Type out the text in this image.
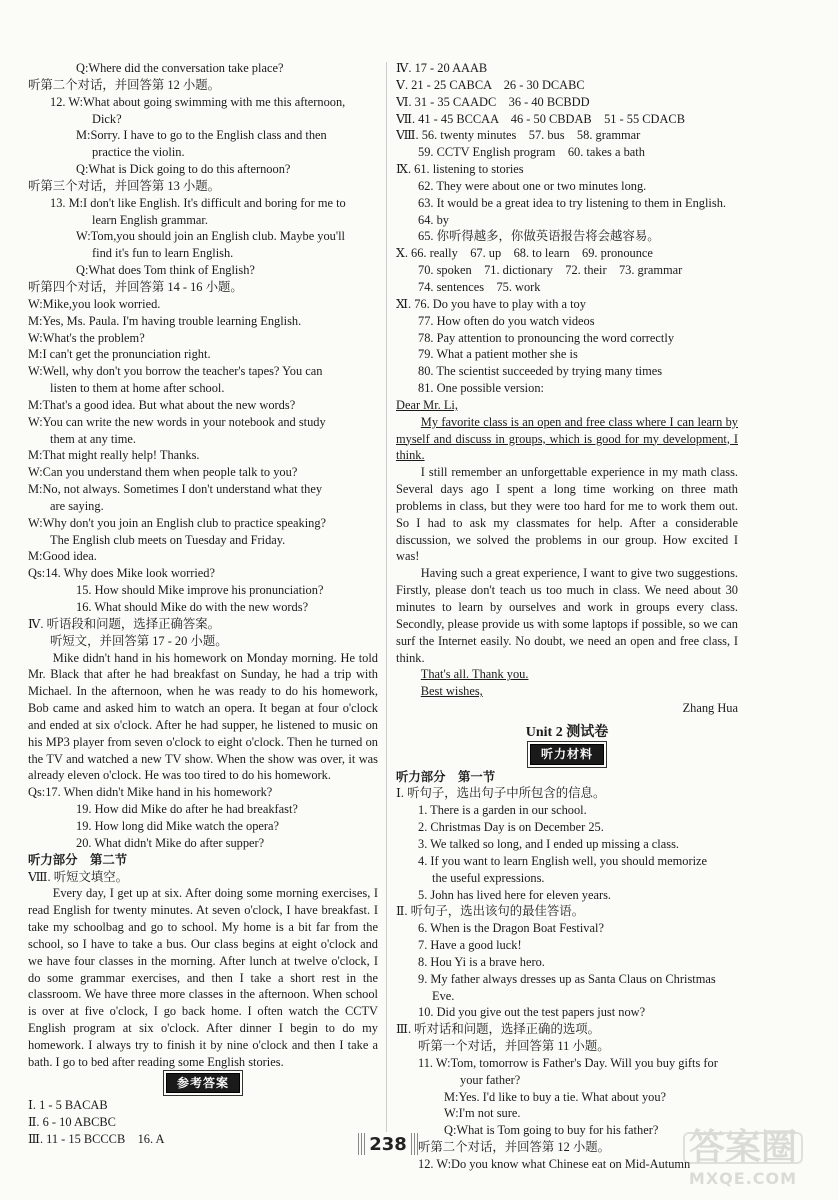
Q:Where did the conversation take place?
听第二个对话，并回答第 12 小题。
12. W:What about going swimming with me this afternoon,
Dick?
M:Sorry. I have to go to the English class and then
practice the violin.
Q:What is Dick going to do this afternoon?
听第三个对话，并回答第 13 小题。
13. M:I don't like English. It's difficult and boring for me to
learn English grammar.
W:Tom,you should join an English club. Maybe you'll
find it's fun to learn English.
Q:What does Tom think of English?
听第四个对话，并回答第 14 - 16 小题。
W:Mike,you look worried.
M:Yes, Ms. Paula. I'm having trouble learning English.
W:What's the problem?
M:I can't get the pronunciation right.
W:Well, why don't you borrow the teacher's tapes? You can
listen to them at home after school.
M:That's a good idea. But what about the new words?
W:You can write the new words in your notebook and study
them at any time.
M:That might really help! Thanks.
W:Can you understand them when people talk to you?
M:No, not always. Sometimes I don't understand what they
are saying.
W:Why don't you join an English club to practice speaking?
The English club meets on Tuesday and Friday.
M:Good idea.
Qs:14. Why does Mike look worried?
15. How should Mike improve his pronunciation?
16. What should Mike do with the new words?
Ⅳ. 听语段和问题，选择正确答案。
听短文，并回答第 17 - 20 小题。
Mike didn't hand in his homework on Monday morning. He told Mr. Black that after he had breakfast on Sunday, he had a trip with Michael. In the afternoon, when he was ready to do his homework, Bob came and asked him to watch an opera. It began at four o'clock and ended at six o'clock. After he had supper, he listened to music on his MP3 player from seven o'clock to eight o'clock. Then he turned on the TV and watched a new TV show. When the show was over, it was already eleven o'clock. He was too tired to do his homework.
Qs:17. When didn't Mike hand in his homework?
19. How did Mike do after he had breakfast?
19. How long did Mike watch the opera?
20. What didn't Mike do after supper?
听力部分　第二节
Ⅷ. 听短文填空。
Every day, I get up at six. After doing some morning exercises, I read English for twenty minutes. At seven o'clock, I have breakfast. I take my schoolbag and go to school. My home is a bit far from the school, so I have to take a bus. Our class begins at eight o'clock and we have four classes in the morning. After lunch at twelve o'clock, I do some grammar exercises, and then I take a short rest in the classroom. We have three more classes in the afternoon. When school is over at five o'clock, I go back home. I often watch the CCTV English program at six o'clock. After dinner I begin to do my homework. I always try to finish it by nine o'clock and then I take a bath. I go to bed after reading some English stories.
参考答案
Ⅰ. 1 - 5 BACAB
Ⅱ. 6 - 10 ABCBC
Ⅲ. 11 - 15 BCCCB　16. A
Ⅳ. 17 - 20 AAAB
Ⅴ. 21 - 25 CABCA　26 - 30 DCABC
Ⅵ. 31 - 35 CAADC　36 - 40 BCBDD
Ⅶ. 41 - 45 BCCAA　46 - 50 CBDAB　51 - 55 CDACB
Ⅷ. 56. twenty minutes　57. bus　58. grammar
59. CCTV English program　60. takes a bath
Ⅸ. 61. listening to stories
62. They were about one or two minutes long.
63. It would be a great idea to try listening to them in English.
64. by
65. 你听得越多，你做英语报告将会越容易。
Ⅹ. 66. really　67. up　68. to learn　69. pronounce
70. spoken　71. dictionary　72. their　73. grammar
74. sentences　75. work
Ⅺ. 76. Do you have to play with a toy
77. How often do you watch videos
78. Pay attention to pronouncing the word correctly
79. What a patient mother she is
80. The scientist succeeded by trying many times
81. One possible version:
Dear Mr. Li,

My favorite class is an open and free class where I can learn by myself and discuss in groups, which is good for my development, I think.

I still remember an unforgettable experience in my math class. Several days ago I spent a long time working on three math problems in class, but they were too hard for me to work them out. So I had to ask my classmates for help. After a considerable discussion, we solved the problems in our group. How excited I was!

Having such a great experience, I want to give two suggestions. Firstly, please don't teach us too much in class. We need about 30 minutes to learn by ourselves and work in groups every class. Secondly, please provide us with some laptops if possible, so we can surf the Internet easily. No doubt, we need an open and free class, I think.

That's all. Thank you.
Best wishes,
Zhang Hua
Unit 2 测试卷
听力材料
听力部分　第一节
Ⅰ. 听句子，选出句子中所包含的信息。
1. There is a garden in our school.
2. Christmas Day is on December 25.
3. We talked so long, and I ended up missing a class.
4. If you want to learn English well, you should memorize
the useful expressions.
5. John has lived here for eleven years.
Ⅱ. 听句子，选出该句的最佳答语。
6. When is the Dragon Boat Festival?
7. Have a good luck!
8. Hou Yi is a brave hero.
9. My father always dresses up as Santa Claus on Christmas
Eve.
10. Did you give out the test papers just now?
Ⅲ. 听对话和问题，选择正确的选项。
听第一个对话，并回答第 11 小题。
11. W:Tom, tomorrow is Father's Day. Will you buy gifts for
your father?
M:Yes. I'd like to buy a tie. What about you?
W:I'm not sure.
Q:What is Tom going to buy for his father?
听第二个对话，并回答第 12 小题。
12. W:Do you know what Chinese eat on Mid-Autumn
238	答案圈
MXQE.COM
